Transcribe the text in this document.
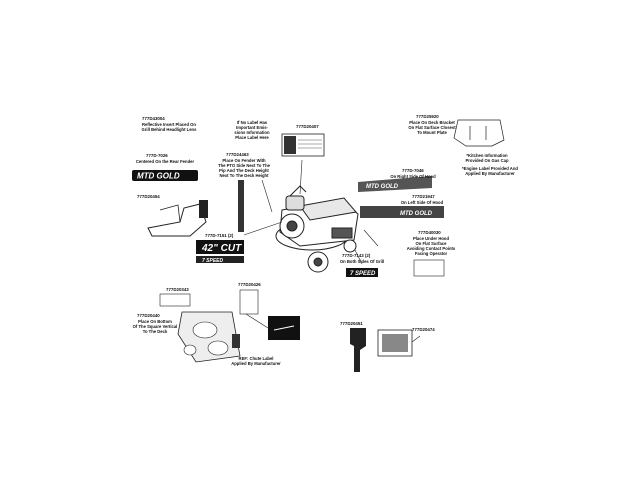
MTD GOLD
42" CUT
7 SPEED
MTD GOLD
MTD GOLD
7 SPEED
777D43004
Reflective Insert Placed On
Grill Behind Headlight Lens
777D-7026
Centered On the Rear Fender
777D20454
If No Label Has
Important Emis-
sions Information
Place Label Here
777D20407
777D24463
Place On Fender With
The PTO Side Next To The
Pip And The Deck Height
Next To The Deck Height
777D-7151 (2)
777D25920
Place On Deck Bracket
On Flat Surface Closest
To Mount Plate
*Kitchen Information
Provided On Gas Cap
*Engine Label Provided And
Applied By Manufacturer
777D-7046
On Right Side Of Hood
777D21947
On Left Side Of Hood
777D40030
Place Under Hood
On Flat Surface
Avoiding Contact Points
Facing Operator
777D-7143 (2)
On Both Sides Of Grill
777D20343
777D20440
Place On Bottom
Of The Square Vertical
To The Deck
777D20426
REF: Chute Label
Applied By Manufacturer
777D20451
777D20474
